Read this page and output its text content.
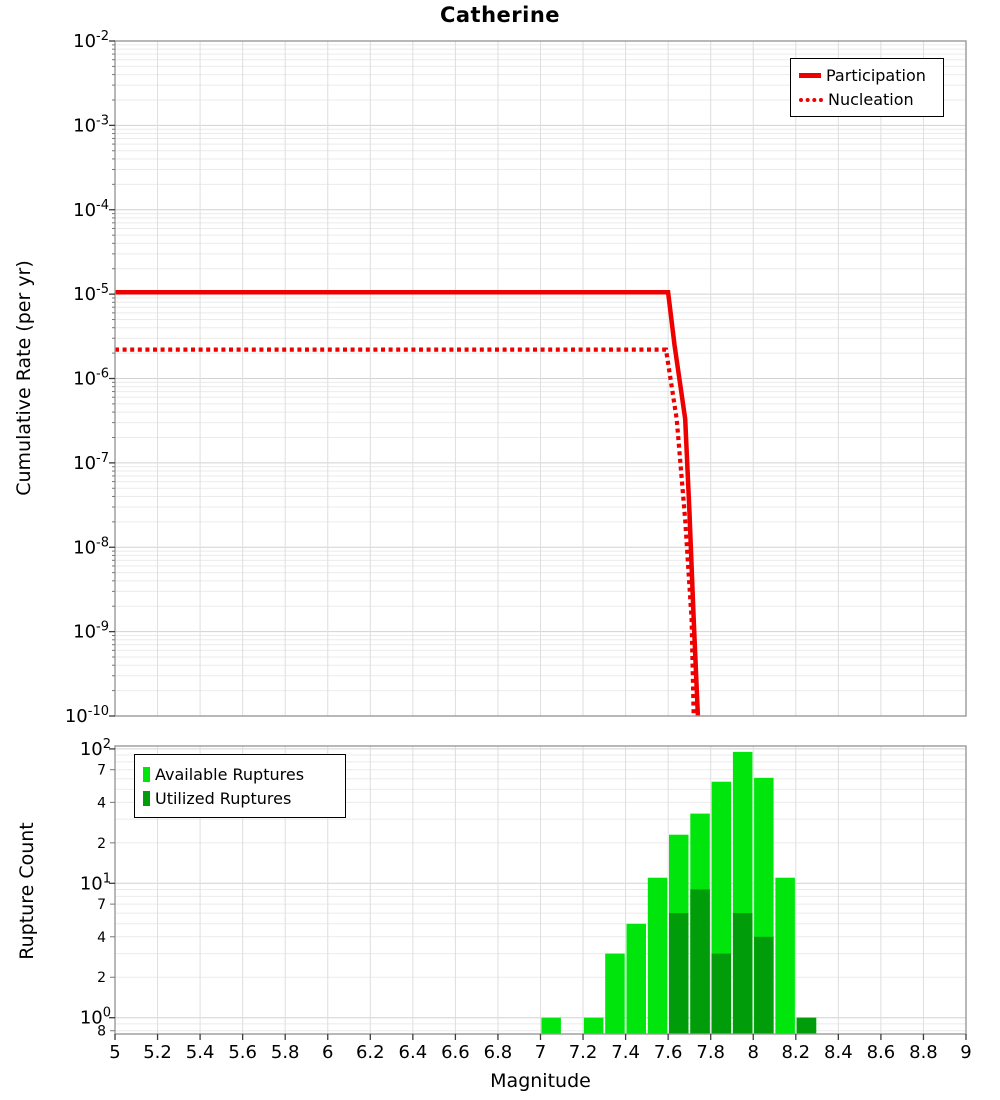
$10^{-2}$
$10^{-3}$
$10^{-4}$
$10^{-5}$
$10^{-6}$
$10^{-7}$
$10^{-8}$
$10^{-9}$
$10^{-10}$
$10^2$
$10^1$
$10^0$
7
4
2
7
4
2
8
5 5.2 5.4 5.6 5.8 6 6.2 6.4 6.6 6.8 7 7.2 7.4 7.6 7.8 8 8.2 8.4 8.6 8.8 9
Catherine
Cumulative Rate (per yr)
Rupture Count
Magnitude
Participation
Nucleation
Available Ruptures
Utilized Ruptures
